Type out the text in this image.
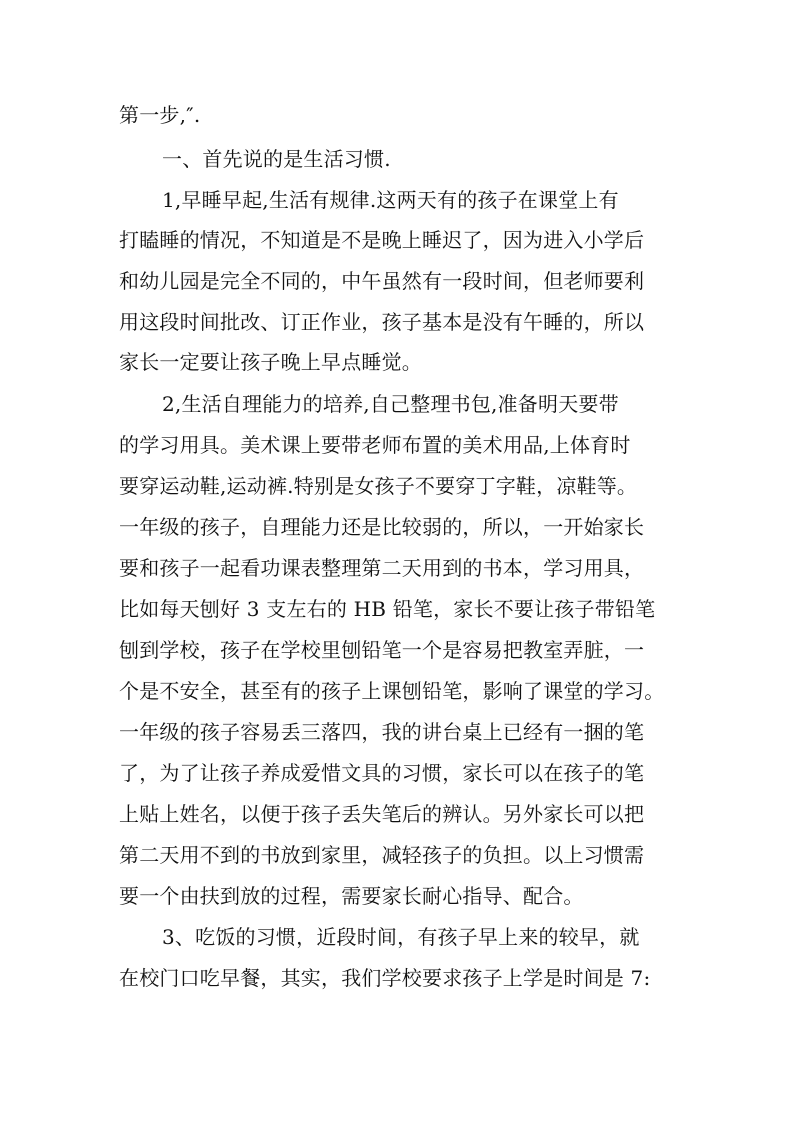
第一步,″.
一、首先说的是生活习惯.
1,早睡早起,生活有规律.这两天有的孩子在课堂上有
打瞌睡的情况，不知道是不是晚上睡迟了，因为进入小学后
和幼儿园是完全不同的，中午虽然有一段时间，但老师要利
用这段时间批改、订正作业，孩子基本是没有午睡的，所以
家长一定要让孩子晚上早点睡觉。
2,生活自理能力的培养,自己整理书包,准备明天要带
的学习用具。美术课上要带老师布置的美术用品,上体育时
要穿运动鞋,运动裤.特别是女孩子不要穿丁字鞋，凉鞋等。
一年级的孩子，自理能力还是比较弱的，所以，一开始家长
要和孩子一起看功课表整理第二天用到的书本，学习用具，
比如每天刨好 3 支左右的 HB 铅笔，家长不要让孩子带铅笔
刨到学校，孩子在学校里刨铅笔一个是容易把教室弄脏，一
个是不安全，甚至有的孩子上课刨铅笔，影响了课堂的学习。
一年级的孩子容易丢三落四，我的讲台桌上已经有一捆的笔
了，为了让孩子养成爱惜文具的习惯，家长可以在孩子的笔
上贴上姓名，以便于孩子丢失笔后的辨认。另外家长可以把
第二天用不到的书放到家里，减轻孩子的负担。以上习惯需
要一个由扶到放的过程，需要家长耐心指导、配合。
3、吃饭的习惯，近段时间，有孩子早上来的较早，就
在校门口吃早餐，其实，我们学校要求孩子上学是时间是 7:
